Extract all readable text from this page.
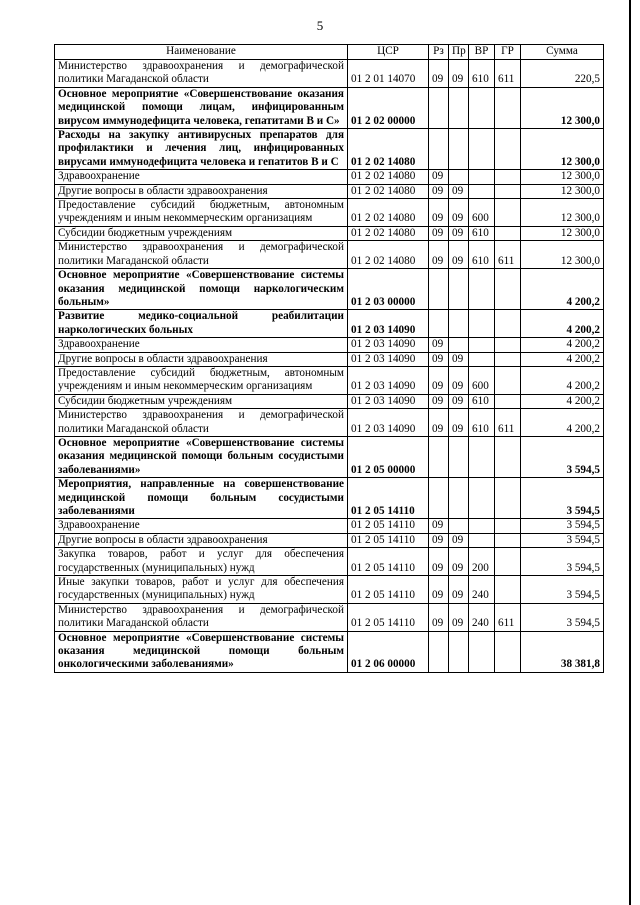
5
Наименование	ЦСР	Рз	Пр	ВР	ГР	Сумма
Министерство здравоохранения и демографической политики Магаданской области	01 2 01 14070	09	09	610	611	220,5
Основное мероприятие «Совершенствование оказания медицинской помощи лицам, инфицированным вирусом иммунодефицита человека, гепатитами В и С»	01 2 02 00000					12 300,0
Расходы на закупку антивирусных препаратов для профилактики и лечения лиц, инфицированных вирусами иммунодефицита человека и гепатитов В и С	01 2 02 14080					12 300,0
Здравоохранение	01 2 02 14080	09				12 300,0
Другие вопросы в области здравоохранения	01 2 02 14080	09	09			12 300,0
Предоставление субсидий бюджетным, автономным учреждениям и иным некоммерческим организациям	01 2 02 14080	09	09	600		12 300,0
Субсидии бюджетным учреждениям	01 2 02 14080	09	09	610		12 300,0
Министерство здравоохранения и демографической политики Магаданской области	01 2 02 14080	09	09	610	611	12 300,0
Основное мероприятие «Совершенствование системы оказания медицинской помощи наркологическим больным»	01 2 03 00000					4 200,2
Развитие медико-социальной реабилитации наркологических больных	01 2 03 14090					4 200,2
Здравоохранение	01 2 03 14090	09				4 200,2
Другие вопросы в области здравоохранения	01 2 03 14090	09	09			4 200,2
Предоставление субсидий бюджетным, автономным учреждениям и иным некоммерческим организациям	01 2 03 14090	09	09	600		4 200,2
Субсидии бюджетным учреждениям	01 2 03 14090	09	09	610		4 200,2
Министерство здравоохранения и демографической политики Магаданской области	01 2 03 14090	09	09	610	611	4 200,2
Основное мероприятие «Совершенствование системы оказания медицинской помощи больным сосудистыми заболеваниями»	01 2 05 00000					3 594,5
Мероприятия, направленные на совершенствование медицинской помощи больным сосудистыми заболеваниями	01 2 05 14110					3 594,5
Здравоохранение	01 2 05 14110	09				3 594,5
Другие вопросы в области здравоохранения	01 2 05 14110	09	09			3 594,5
Закупка товаров, работ и услуг для обеспечения государственных (муниципальных) нужд	01 2 05 14110	09	09	200		3 594,5
Иные закупки товаров, работ и услуг для обеспечения государственных (муниципальных) нужд	01 2 05 14110	09	09	240		3 594,5
Министерство здравоохранения и демографической политики Магаданской области	01 2 05 14110	09	09	240	611	3 594,5
Основное мероприятие «Совершенствование системы оказания медицинской помощи больным онкологическими заболеваниями»	01 2 06 00000					38 381,8
